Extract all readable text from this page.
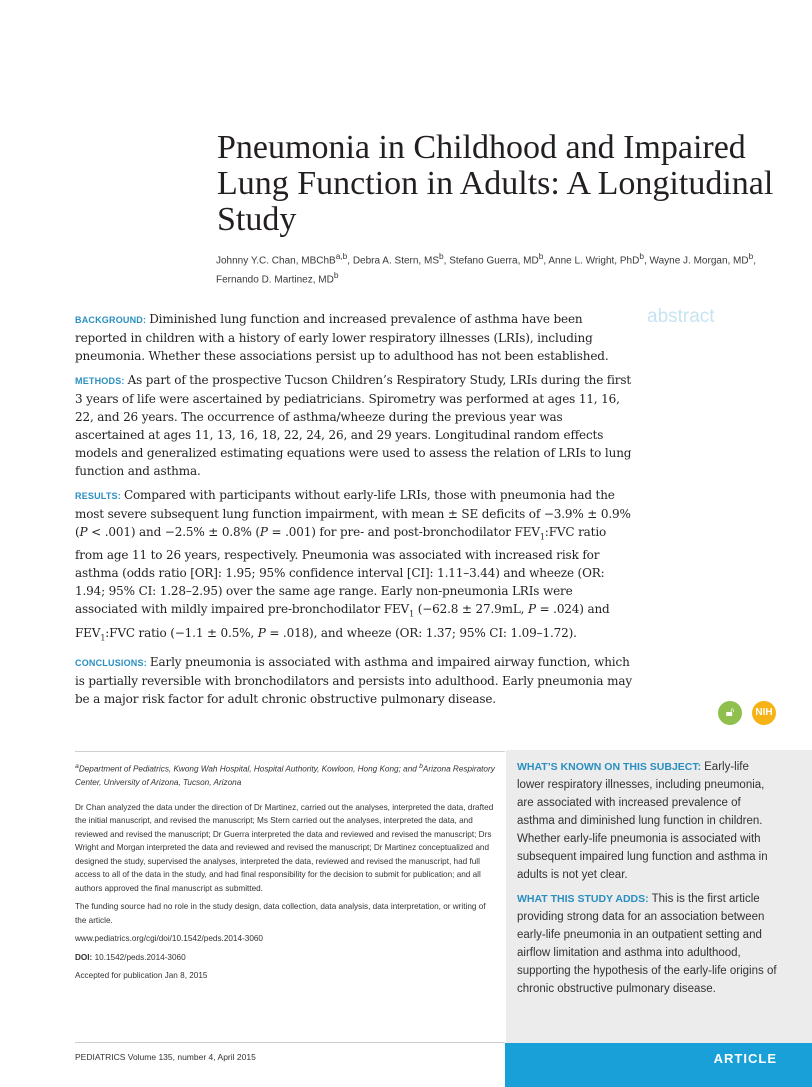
Pneumonia in Childhood and Impaired Lung Function in Adults: A Longitudinal Study
Johnny Y.C. Chan, MBChB$^{a,b}$, Debra A. Stern, $MS^b$, Stefano Guerra, $MD^b$, Anne L. Wright, PhD$^b$, Wayne J. Morgan, $MD^b$,
Fernando D. Martinez, $MD^b$
abstract

BACKGROUND: Diminished lung function and increased prevalence of asthma have been reported in children with a history of early lower respiratory illnesses (LRIs), including pneumonia. Whether these associations persist up to adulthood has not been established.

METHODS: As part of the prospective Tucson Children’s Respiratory Study, LRIs during the first 3 years of life were ascertained by pediatricians. Spirometry was performed at ages 11, 16, 22, and 26 years. The occurrence of asthma/wheeze during the previous year was ascertained at ages 11, 13, 16, 18, 22, 24, 26, and 29 years. Longitudinal random effects models and generalized estimating equations were used to assess the relation of LRIs to lung function and asthma.

RESULTS: Compared with participants without early-life LRIs, those with pneumonia had the most severe subsequent lung function impairment, with mean ± SE deficits of −3.9% ± 0.9% (P < .001) and −2.5% ± 0.8% (P = .001) for pre- and post-bronchodilator $FEV_1:FVC$ ratio from age 11 to 26 years, respectively. Pneumonia was associated with increased risk for asthma (odds ratio [OR]: 1.95; 95% confidence interval [CI]: 1.11–3.44) and wheeze (OR: 1.94; 95% CI: 1.28–2.95) over the same age range. Early non-pneumonia LRIs were associated with mildly impaired pre-bronchodilator $FEV_1$ (−62.8 ± 27.9mL, P = .024) and $FEV_1:FVC$ ratio (−1.1 ± 0.5%, P = .018), and wheeze (OR: 1.37; 95% CI: 1.09–1.72).

CONCLUSIONS: Early pneumonia is associated with asthma and impaired airway function, which is partially reversible with bronchodilators and persists into adulthood. Early pneumonia may be a major risk factor for adult chronic obstructive pulmonary disease.

🔓︎	NIH

$^a$Department of Pediatrics, Kwong Wah Hospital, Hospital Authority, Kowloon, Hong Kong; and $^b$Arizona Respiratory Center, University of Arizona, Tucson, Arizona

Dr Chan analyzed the data under the direction of Dr Martinez, carried out the analyses, interpreted the data, drafted the initial manuscript, and revised the manuscript; Ms Stern carried out the analyses, interpreted the data, and reviewed and revised the manuscript; Dr Guerra interpreted the data and reviewed and revised the manuscript; Drs Wright and Morgan interpreted the data and reviewed and revised the manuscript; Dr Martinez conceptualized and designed the study, supervised the analyses, interpreted the data, reviewed and revised the manuscript, had full access to all of the data in the study, and had final responsibility for the decision to submit for publication; and all authors approved the final manuscript as submitted.

The funding source had no role in the study design, data collection, data analysis, data interpretation, or writing of the article.

www.pediatrics.org/cgi/doi/10.1542/peds.2014-3060

DOI: 10.1542/peds.2014-3060

Accepted for publication Jan 8, 2015

WHAT’S KNOWN ON THIS SUBJECT: Early-life lower respiratory illnesses, including pneumonia, are associated with increased prevalence of asthma and diminished lung function in children. Whether early-life pneumonia is associated with subsequent impaired lung function and asthma in adults is not yet clear.

WHAT THIS STUDY ADDS: This is the first article providing strong data for an association between early-life pneumonia in an outpatient setting and airflow limitation and asthma into adulthood, supporting the hypothesis of the early-life origins of chronic obstructive pulmonary disease.

PEDIATRICS Volume 135, number 4, April 2015	ARTICLE
